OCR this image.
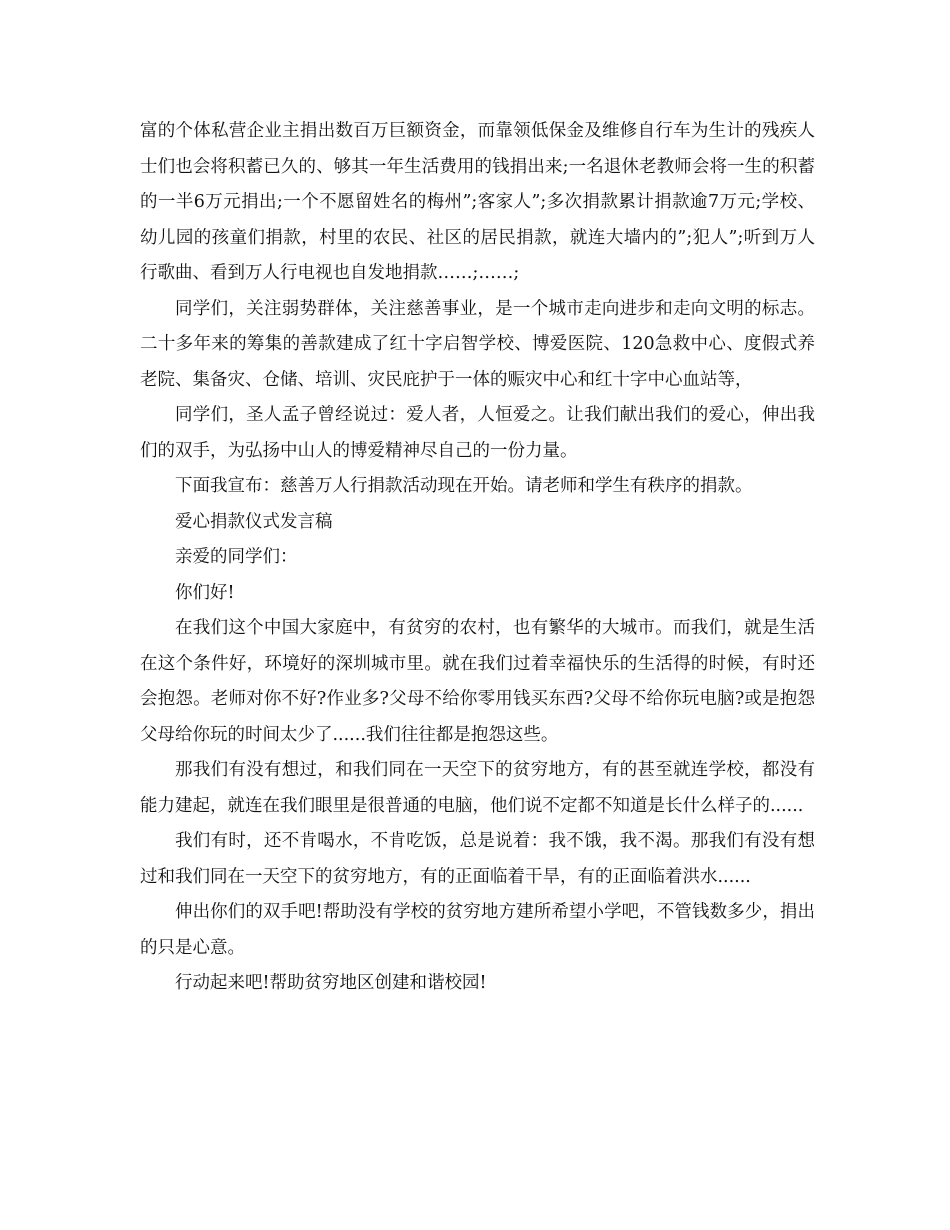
富的个体私营企业主捐出数百万巨额资金，而靠领低保金及维修自行车为生计的残疾人士们也会将积蓄已久的、够其一年生活费用的钱捐出来;一名退休老教师会将一生的积蓄的一半6万元捐出;一个不愿留姓名的梅州”;客家人”;多次捐款累计捐款逾7万元;学校、幼儿园的孩童们捐款，村里的农民、社区的居民捐款，就连大墙内的”;犯人”;听到万人行歌曲、看到万人行电视也自发地捐款……;……;

同学们，关注弱势群体，关注慈善事业，是一个城市走向进步和走向文明的标志。二十多年来的筹集的善款建成了红十字启智学校、博爱医院、120急救中心、度假式养老院、集备灾、仓储、培训、灾民庇护于一体的赈灾中心和红十字中心血站等，

同学们，圣人孟子曾经说过：爱人者，人恒爱之。让我们献出我们的爱心，伸出我们的双手，为弘扬中山人的博爱精神尽自己的一份力量。

下面我宣布：慈善万人行捐款活动现在开始。请老师和学生有秩序的捐款。

爱心捐款仪式发言稿

亲爱的同学们：

你们好!

在我们这个中国大家庭中，有贫穷的农村，也有繁华的大城市。而我们，就是生活在这个条件好，环境好的深圳城市里。就在我们过着幸福快乐的生活得的时候，有时还会抱怨。老师对你不好?作业多?父母不给你零用钱买东西?父母不给你玩电脑?或是抱怨父母给你玩的时间太少了......我们往往都是抱怨这些。

那我们有没有想过，和我们同在一天空下的贫穷地方，有的甚至就连学校，都没有能力建起，就连在我们眼里是很普通的电脑，他们说不定都不知道是长什么样子的......

我们有时，还不肯喝水，不肯吃饭，总是说着：我不饿，我不渴。那我们有没有想过和我们同在一天空下的贫穷地方，有的正面临着干旱，有的正面临着洪水......

伸出你们的双手吧!帮助没有学校的贫穷地方建所希望小学吧，不管钱数多少，捐出的只是心意。

行动起来吧!帮助贫穷地区创建和谐校园!
